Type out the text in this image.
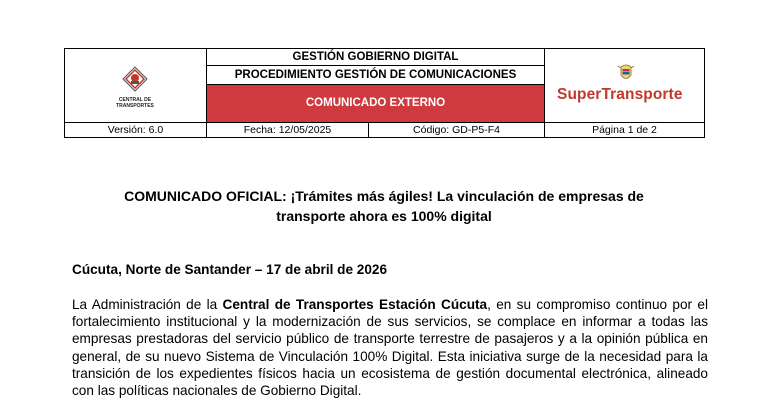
CENTRAL DE
TRANSPORTES
GESTIÓN GOBIERNO DIGITAL
PROCEDIMIENTO GESTIÓN DE COMUNICACIONES
COMUNICADO EXTERNO	SuperTransporte
Versión: 6.0	Fecha: 12/05/2025	Código: GD-P5-F4	Página 1 de 2
COMUNICADO OFICIAL: ¡Trámites más ágiles! La vinculación de empresas de
transporte ahora es 100% digital
Cúcuta, Norte de Santander – 17 de abril de 2026
La Administración de la Central de Transportes Estación Cúcuta, en su compromiso continuo por el fortalecimiento institucional y la modernización de sus servicios, se complace en informar a todas las empresas prestadoras del servicio público de transporte terrestre de pasajeros y a la opinión pública en general, de su nuevo Sistema de Vinculación 100% Digital. Esta iniciativa surge de la necesidad para la transición de los expedientes físicos hacia un ecosistema de gestión documental electrónica, alineado con las políticas nacionales de Gobierno Digital.
